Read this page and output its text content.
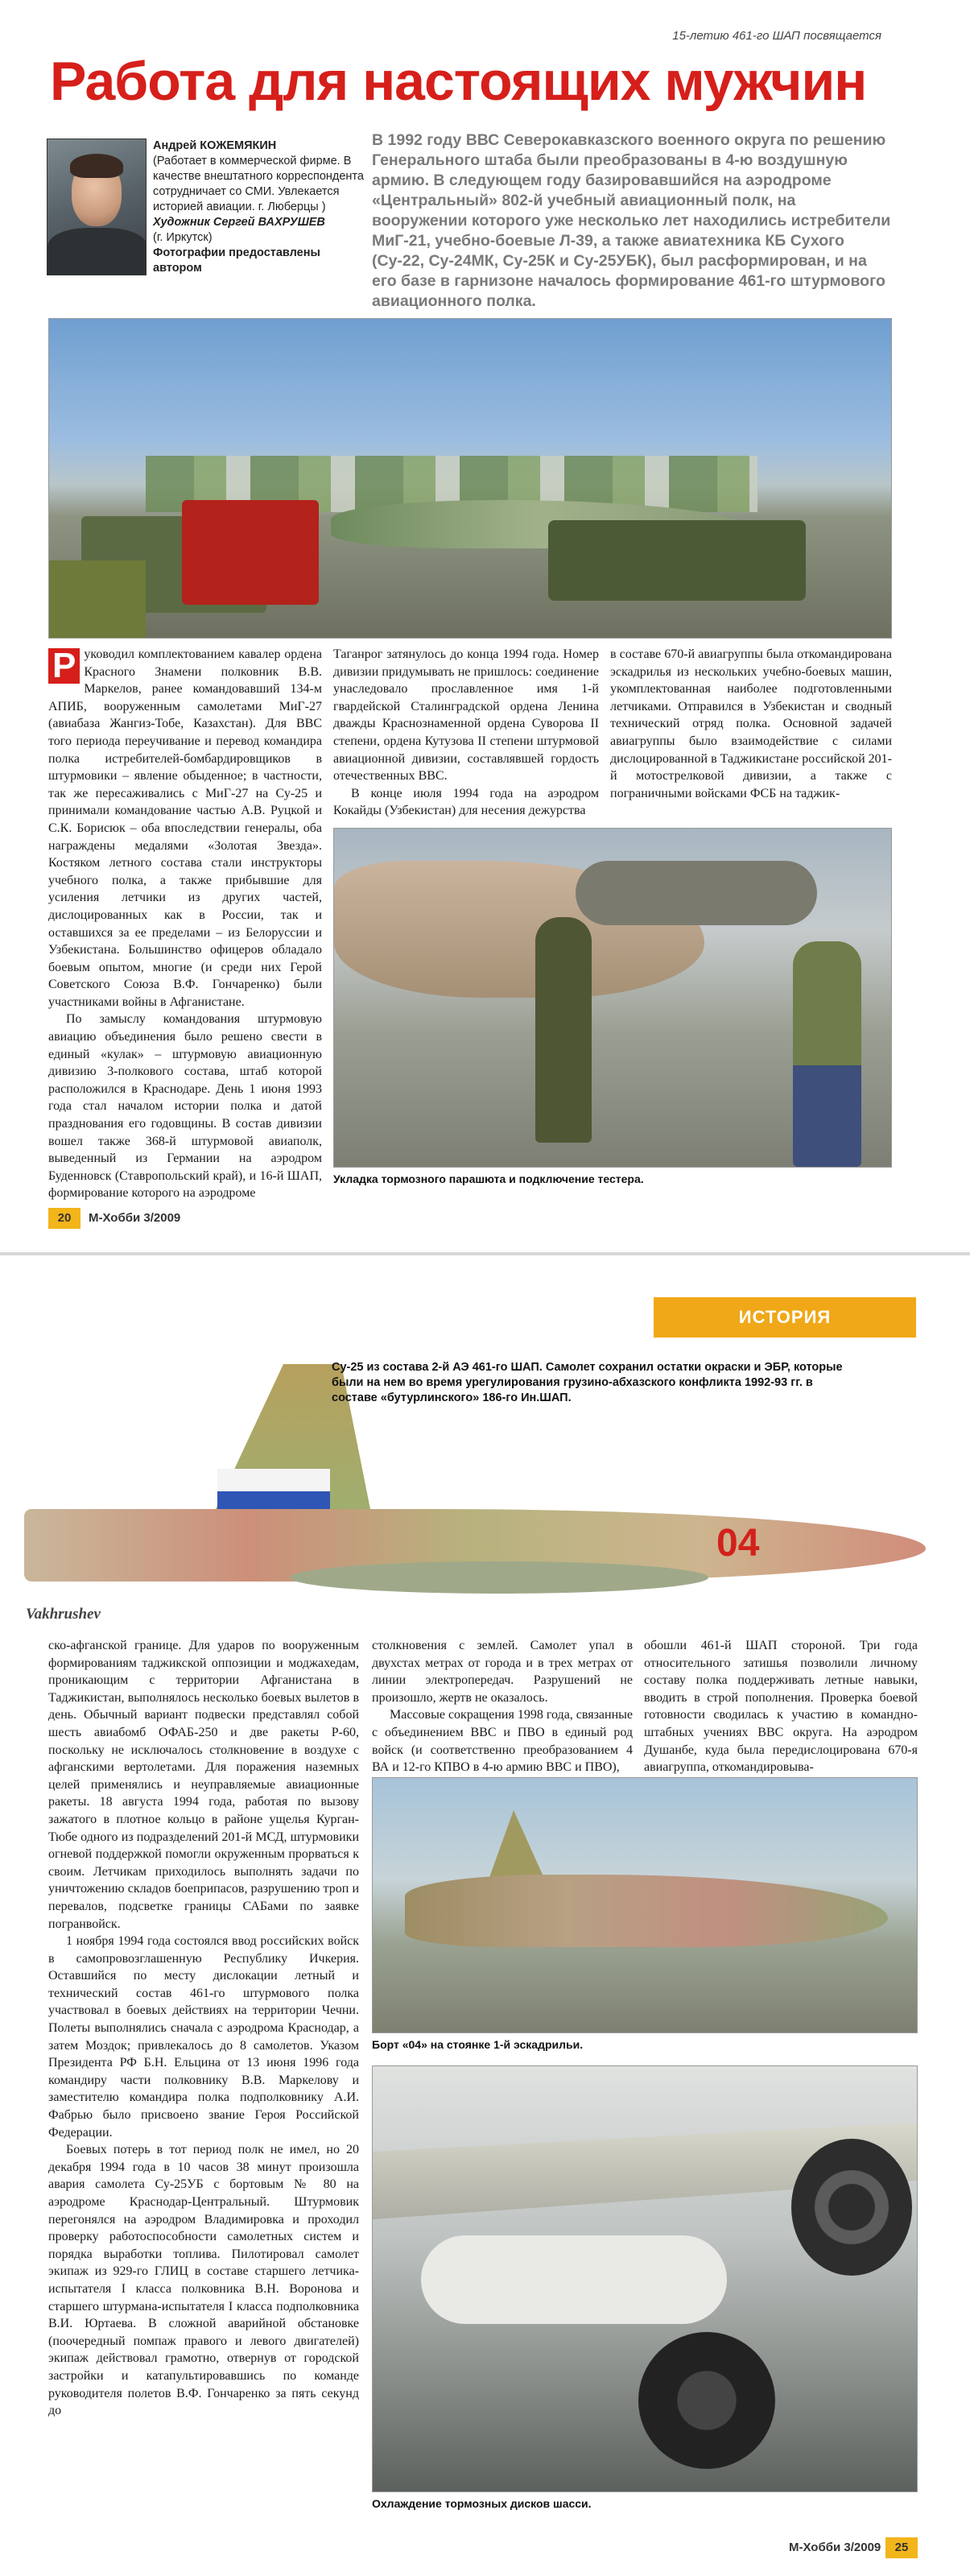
15-летию 461-го ШАП посвящается
Работа для настоящих мужчин
Андрей КОЖЕМЯКИН
(Работает в коммерческой фирме. В качестве внештатного корреспондента сотрудничает со СМИ. Увлекается историей авиации. г. Люберцы )
Художник Сергей ВАХРУШЕВ
(г. Иркутск)
Фотографии предоставлены автором

В 1992 году ВВС Северокавказского военного округа по решению Генерального штаба были преобразованы в 4-ю воздушную армию. В следующем году базировавшийся на аэродроме «Центральный» 802-й учебный авиационный полк, на вооружении которого уже несколько лет находились истребители МиГ-21, учебно-боевые Л-39, а также авиатехника КБ Сухого (Су-22, Су-24МК, Су-25К и Су-25УБК), был расформирован, и на его базе в гарнизоне началось формирование 461-го штурмового авиационного полка.

Р уководил комплектованием кавалер ордена Красного Знамени полковник В.В. Маркелов, ранее командовавший 134-м АПИБ, вооруженным самолетами МиГ-27 (авиабаза Жангиз-Тобе, Казахстан). Для ВВС того периода переучивание и перевод командира полка истребителей-бомбардировщиков в штурмовики – явление обыденное; в частности, так же пересаживались с МиГ-27 на Су-25 и принимали командование частью А.В. Руцкой и С.К. Борисюк – оба впоследствии генералы, оба награждены медалями «Золотая Звезда». Костяком летного состава стали инструкторы учебного полка, а также прибывшие для усиления летчики из других частей, дислоцированных как в России, так и оставшихся за ее пределами – из Белоруссии и Узбекистана. Большинство офицеров обладало боевым опытом, многие (и среди них Герой Советского Союза В.Ф. Гончаренко) были участниками войны в Афганистане.

По замыслу командования штурмовую авиацию объединения было решено свести в единый «кулак» – штурмовую авиационную дивизию 3-полкового состава, штаб которой расположился в Краснодаре. День 1 июня 1993 года стал началом истории полка и датой празднования его годовщины. В состав дивизии вошел также 368-й штурмовой авиаполк, выведенный из Германии на аэродром Буденновск (Ставропольский край), и 16-й ШАП, формирование которого на аэродроме

Таганрог затянулось до конца 1994 года. Номер дивизии придумывать не пришлось: соединение унаследовало прославленное имя 1-й гвардейской Сталинградской ордена Ленина дважды Краснознаменной ордена Суворова II степени, ордена Кутузова II степени штурмовой авиационной дивизии, составлявшей гордость отечественных ВВС.

В конце июля 1994 года на аэродром Кокайды (Узбекистан) для несения дежурства

в составе 670-й авиагруппы была откомандирована эскадрилья из нескольких учебно-боевых машин, укомплектованная наиболее подготовленными летчиками. Отправился в Узбекистан и сводный технический отряд полка. Основной задачей авиагруппы было взаимодействие с силами дислоцированной в Таджикистане российской 201-й мотострелковой дивизии, а также с пограничными войсками ФСБ на таджик-

Укладка тормозного парашюта и подключение тестера.
20	М-Хобби 3/2009
ИСТОРИЯ
04
Су-25 из состава 2-й АЭ 461-го ШАП. Самолет сохранил остатки окраски и ЭБР, которые были на нем во время урегулирования грузино-абхазского конфликта 1992-93 гг. в составе «бутурлинского» 186-го Ин.ШАП.
Vakhrushev

ско-афганской границе. Для ударов по вооруженным формированиям таджикской оппозиции и моджахедам, проникающим с территории Афганистана в Таджикистан, выполнялось несколько боевых вылетов в день. Обычный вариант подвески представлял собой шесть авиабомб ОФАБ-250 и две ракеты Р-60, поскольку не исключалось столкновение в воздухе с афганскими вертолетами. Для поражения наземных целей применялись и неуправляемые авиационные ракеты. 18 августа 1994 года, работая по вызову зажатого в плотное кольцо в районе ущелья Курган-Тюбе одного из подразделений 201-й МСД, штурмовики огневой поддержкой помогли окруженным прорваться к своим. Летчикам приходилось выполнять задачи по уничтожению складов боеприпасов, разрушению троп и перевалов, подсветке границы САБами по заявке погранвойск.

1 ноября 1994 года состоялся ввод российских войск в самопровозглашенную Республику Ичкерия. Оставшийся по месту дислокации летный и технический состав 461-го штурмового полка участвовал в боевых действиях на территории Чечни. Полеты выполнялись сначала с аэродрома Краснодар, а затем Моздок; привлекалось до 8 самолетов. Указом Президента РФ Б.Н. Ельцина от 13 июня 1996 года командиру части полковнику В.В. Маркелову и заместителю командира полка подполковнику А.И. Фабрью было присвоено звание Героя Российской Федерации.

Боевых потерь в тот период полк не имел, но 20 декабря 1994 года в 10 часов 38 минут произошла авария самолета Су-25УБ с бортовым № 80 на аэродроме Краснодар-Центральный. Штурмовик перегонялся на аэродром Владимировка и проходил проверку работоспособности самолетных систем и порядка выработки топлива. Пилотировал самолет экипаж из 929-го ГЛИЦ в составе старшего летчика-испытателя I класса полковника В.Н. Воронова и старшего штурмана-испытателя I класса подполковника В.И. Юртаева. В сложной аварийной обстановке (поочередный помпаж правого и левого двигателей) экипаж действовал грамотно, отвернув от городской застройки и катапультировавшись по команде руководителя полетов В.Ф. Гончаренко за пять секунд до

столкновения с землей. Самолет упал в двухстах метрах от города и в трех метрах от линии электропередач. Разрушений не произошло, жертв не оказалось.

Массовые сокращения 1998 года, связанные с объединением ВВС и ПВО в единый род войск (и соответственно преобразованием 4 ВА и 12-го КПВО в 4-ю армию ВВС и ПВО),

обошли 461-й ШАП стороной. Три года относительного затишья позволили личному составу полка поддерживать летные навыки, вводить в строй пополнения. Проверка боевой готовности сводилась к участию в командно-штабных учениях ВВС округа. На аэродром Душанбе, куда была передислоцирована 670-я авиагруппа, откомандировыва-

Борт «04» на стоянке 1-й эскадрильи.
Охлаждение тормозных дисков шасси.
М-Хобби 3/2009	25
